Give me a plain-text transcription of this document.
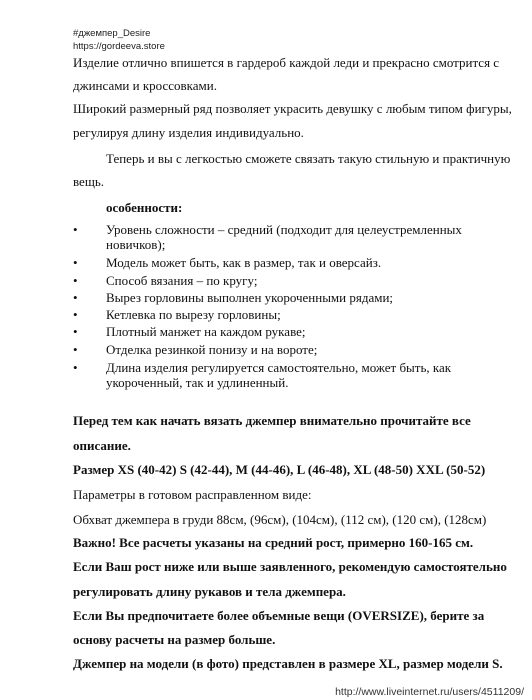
#джемпер_Desire
https://gordeeva.store
Изделие отлично впишется в гардероб каждой леди и прекрасно смотрится с
джинсами и кроссовками.
Широкий размерный ряд позволяет украсить девушку с любым типом фигуры,
регулируя длину изделия индивидуально.
Теперь и вы с легкостью сможете связать такую стильную и практичную
вещь.
особенности:
•	Уровень сложности – средний (подходит для целеустремленных
новичков);
•	Модель может быть, как в размер, так и оверсайз.
•	Способ вязания – по кругу;
•	Вырез горловины выполнен укороченными рядами;
•	Кетлевка по вырезу горловины;
•	Плотный манжет на каждом рукаве;
•	Отделка резинкой понизу и на вороте;
•	Длина изделия регулируется самостоятельно, может быть, как
укороченный, так и удлиненный.
Перед тем как начать вязать джемпер внимательно прочитайте все
описание.
Размер XS (40-42) S (42-44), M (44-46), L (46-48), XL (48-50) XXL (50-52)
Параметры в готовом расправленном виде:
Обхват джемпера в груди 88см, (96см), (104см), (112 см), (120 см), (128см)
Важно! Все расчеты указаны на средний рост, примерно 160-165 см.
Если Ваш рост ниже или выше заявленного, рекомендую самостоятельно
регулировать длину рукавов и тела джемпера.
Если Вы предпочитаете более объемные вещи (OVERSIZE), берите за
основу расчеты на размер больше.
Джемпер на модели (в фото) представлен в размере XL, размер модели S.
http://www.liveinternet.ru/users/4511209/
